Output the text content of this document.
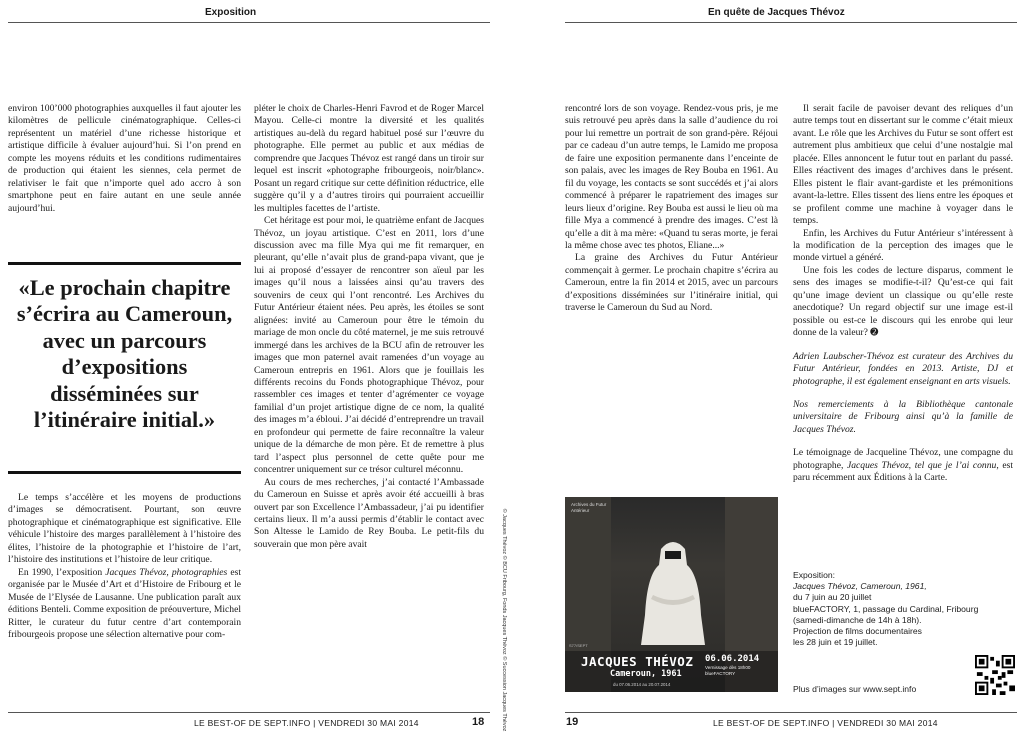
Exposition	En quête de Jacques Thévoz

environ 100’000 photographies auxquelles il faut ajouter les kilomètres de pellicule cinématographique. Celles-ci représentent un matériel d’une richesse historique et artistique difficile à évaluer aujourd’hui. Si l’on prend en compte les moyens réduits et les conditions rudimentaires de production qui étaient les siennes, cela permet de relativiser le fait que n’importe quel ado accro à son smartphone peut en faire autant en une seule année aujourd’hui.

«Le prochain chapitre s’écrira au Cameroun, avec un parcours d’expositions disséminées sur l’itinéraire initial.»

Le temps s’accélère et les moyens de productions d’images se démocratisent. Pourtant, son œuvre photographique et cinématographique est significative. Elle véhicule l’histoire des marges parallèlement à l’histoire des élites, l’histoire de la photographie et l’histoire de l’art, l’histoire des institutions et l’histoire de leur critique.

En 1990, l’exposition Jacques Thévoz, photographies est organisée par le Musée d’Art et d’Histoire de Fribourg et le Musée de l’Elysée de Lausanne. Une publication paraît aux éditions Benteli. Comme exposition de préouverture, Michel Ritter, le curateur du futur centre d’art contemporain fribourgeois propose une sélection alternative pour com-

pléter le choix de Charles-Henri Favrod et de Roger Marcel Mayou. Celle-ci montre la diversité et les qualités artistiques au-delà du regard habituel posé sur l’œuvre du photographe. Elle permet au public et aux médias de comprendre que Jacques Thévoz est rangé dans un tiroir sur lequel est inscrit «photographe fribourgeois, noir/blanc». Posant un regard critique sur cette définition réductrice, elle suggère qu’il y a d’autres tiroirs qui pourraient accueillir les multiples facettes de l’artiste.

Cet héritage est pour moi, le quatrième enfant de Jacques Thévoz, un joyau artistique. C’est en 2011, lors d’une discussion avec ma fille Mya qui me fit remarquer, en pleurant, qu’elle n’avait plus de grand-papa vivant, que je lui ai proposé d’essayer de rencontrer son aïeul par les images qu’il nous a laissées ainsi qu’au travers des souvenirs de ceux qui l’ont rencontré. Les Archives du Futur Antérieur étaient nées. Peu après, les étoiles se sont alignées: invité au Cameroun pour être le témoin du mariage de mon oncle du côté maternel, je me suis retrouvé immergé dans les archives de la BCU afin de retrouver les images que mon paternel avait ramenées d’un voyage au Cameroun entrepris en 1961. Alors que je fouillais les différents recoins du Fonds photographique Thévoz, pour rassembler ces images et tenter d’agrémenter ce voyage familial d’un projet artistique digne de ce nom, la qualité des images m’a ébloui. J’ai décidé d’entreprendre un travail en profondeur qui permette de faire reconnaître la valeur unique de la démarche de mon père. Et de remettre à plus tard l’aspect plus personnel de cette quête pour me concentrer uniquement sur ce trésor culturel méconnu.

Au cours de mes recherches, j’ai contacté l’Ambassade du Cameroun en Suisse et après avoir été accueilli à bras ouvert par son Excellence l’Ambassadeur, j’ai pu identifier certains lieux. Il m’a aussi permis d’établir le contact avec Son Altesse le Lamido de Rey Bouba. Le petit-fils du souverain que mon père avait	© Jacques Thévoz © BCU Fribourg, Fonds Jacques Thévoz © Succession Jacques Thévoz

rencontré lors de son voyage. Rendez-vous pris, je me suis retrouvé peu après dans la salle d’audience du roi pour lui remettre un portrait de son grand-père. Réjoui par ce cadeau d’un autre temps, le Lamido me proposa de faire une exposition permanente dans l’enceinte de son palais, avec les images de Rey Bouba en 1961. Au fil du voyage, les contacts se sont succédés et j’ai alors commencé à préparer le rapatriement des images sur leurs lieux d’origine. Rey Bouba est aussi le lieu où ma fille Mya a commencé à prendre des images. C’est là qu’elle a dit à ma mère: «Quand tu seras morte, je ferai la même chose avec tes photos, Eliane...»

La graine des Archives du Futur Antérieur commençait à germer. Le prochain chapitre s’écrira au Cameroun, entre la fin 2014 et 2015, avec un parcours d’expositions disséminées sur l’itinéraire initial, qui traverse le Cameroun du Sud au Nord.

Archives du Futur Antérieur
JACQUES THÉVOZ 06.06.2014
Cameroun, 1961
Vernissage dès 18h00
blueFACTORY
du 07.06.2014 au 20.07.2014
S77/SEPT

Il serait facile de pavoiser devant des reliques d’un autre temps tout en dissertant sur le comme c’était mieux avant. Le rôle que les Archives du Futur se sont offert est autrement plus ambitieux que celui d’une nostalgie mal placée. Elles annoncent le futur tout en parlant du passé. Elles réactivent des images d’archives dans le présent. Elles pistent le flair avant-gardiste et les prémonitions avant-la-lettre. Elles tissent des liens entre les époques et se profilent comme une machine à voyager dans le temps.

Enfin, les Archives du Futur Antérieur s’intéressent à la modification de la perception des images que le monde virtuel a généré.

Une fois les codes de lecture disparus, comment le sens des images se modifie-t-il? Qu’est-ce qui fait qu’une image devient un classique ou qu’elle reste anecdotique? Un regard objectif sur une image est-il possible ou est-ce le discours qui les enrobe qui leur donne de la valeur? ➋

Adrien Laubscher-Thévoz est curateur des Archives du Futur Antérieur, fondées en 2013. Artiste, DJ et photographe, il est également enseignant en arts visuels.

Nos remerciements à la Bibliothèque cantonale universitaire de Fribourg ainsi qu’à la famille de Jacques Thévoz.

Le témoignage de Jacqueline Thévoz, une compagne du photographe, Jacques Thévoz, tel que je l’ai connu, est paru récemment aux Éditions à la Carte.

Exposition:
Jacques Thévoz, Cameroun, 1961,
du 7 juin au 20 juillet
blueFACTORY, 1, passage du Cardinal, Fribourg
(samedi-dimanche de 14h à 18h).
Projection de films documentaires
les 28 juin et 19 juillet.
Plus d’images sur www.sept.info
LE BEST-OF DE SEPT.INFO | VENDREDI 30 MAI 2014	18	19	LE BEST-OF DE SEPT.INFO | VENDREDI 30 MAI 2014
